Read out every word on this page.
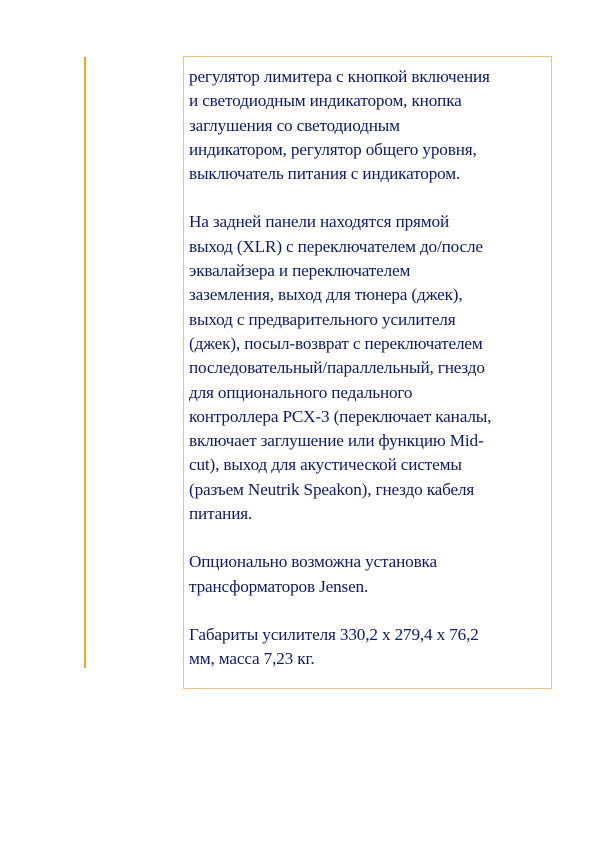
регулятор лимитера с кнопкой включения
и светодиодным индикатором, кнопка
заглушения со светодиодным
индикатором, регулятор общего уровня,
выключатель питания с индикатором.

На задней панели находятся прямой
выход (XLR) с переключателем до/после
эквалайзера и переключателем
заземления, выход для тюнера (джек),
выход с предварительного усилителя
(джек), посыл-возврат с переключателем
последовательный/параллельный, гнездо
для опционального педального
контроллера PCX-3 (переключает каналы,
включает заглушение или функцию Mid-
cut), выход для акустической системы
(разъем Neutrik Speakon), гнездо кабеля
питания.

Опционально возможна установка
трансформаторов Jensen.

Габариты усилителя 330,2 x 279,4 x 76,2
мм, масса 7,23 кг.
